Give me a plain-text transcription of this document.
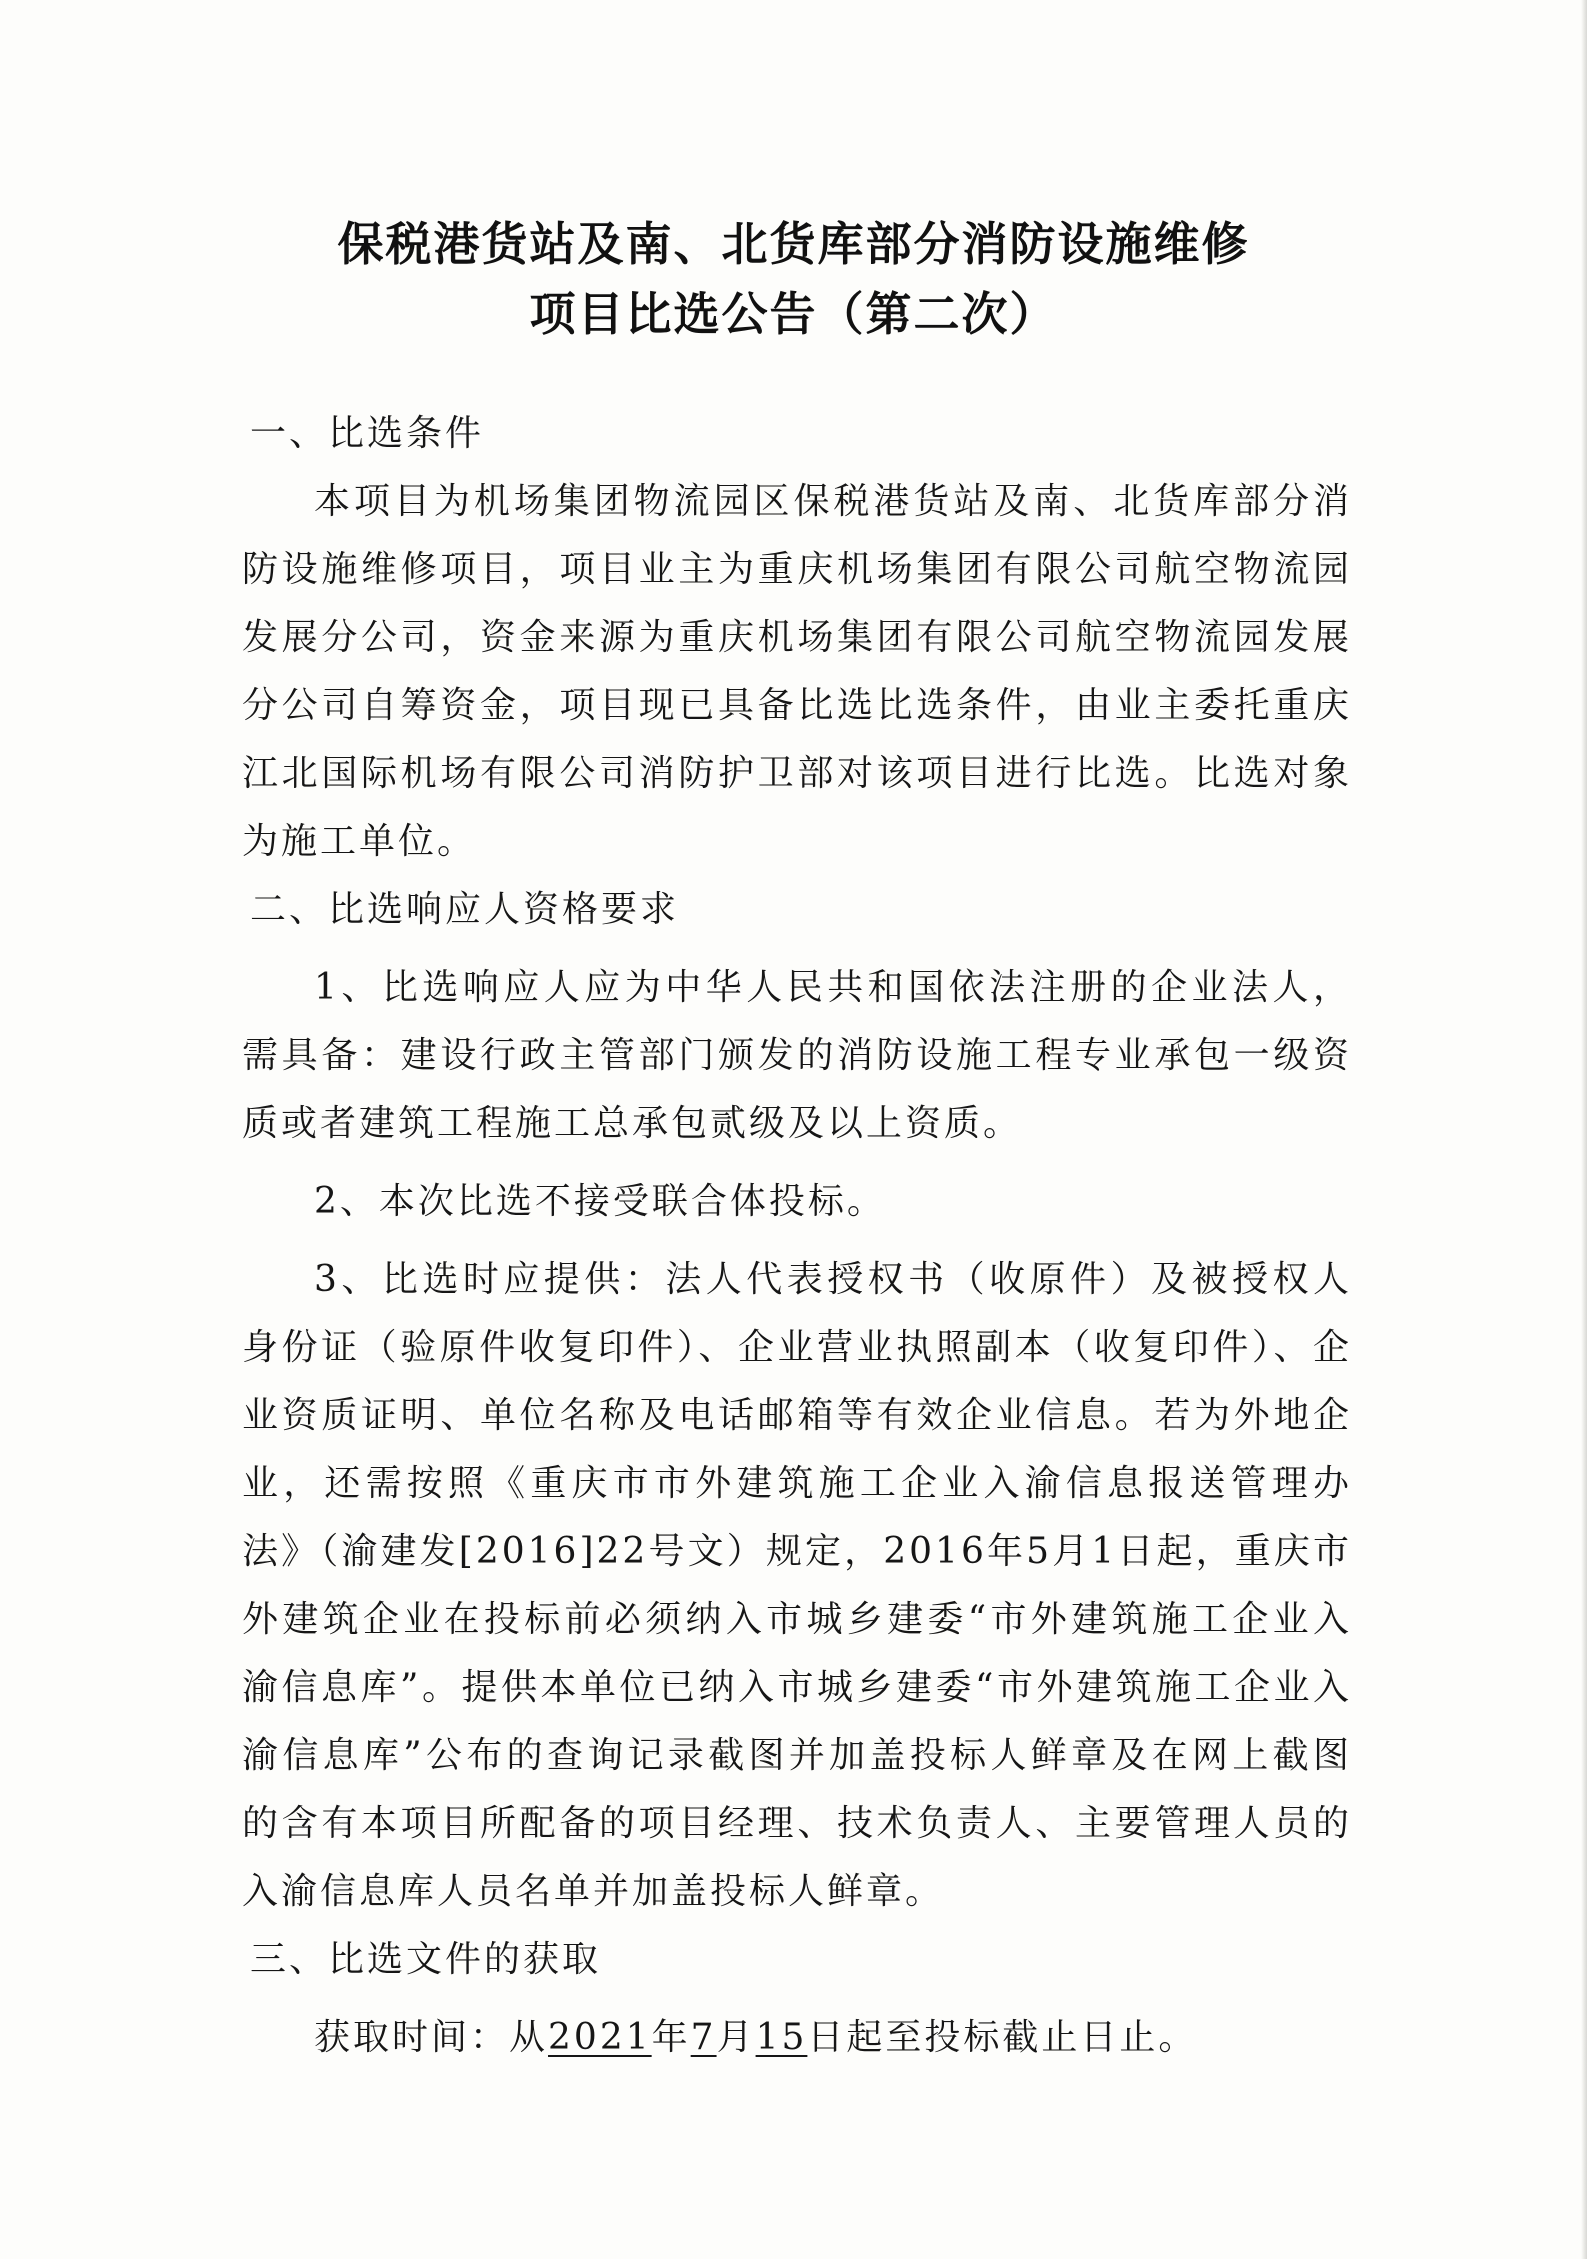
保税港货站及南、北货库部分消防设施维修
项目比选公告（第二次）

一、比选条件

本项目为机场集团物流园区保税港货站及南、北货库部分消防设施维修项目，项目业主为重庆机场集团有限公司航空物流园发展分公司，资金来源为重庆机场集团有限公司航空物流园发展分公司自筹资金，项目现已具备比选比选条件，由业主委托重庆江北国际机场有限公司消防护卫部对该项目进行比选。比选对象为施工单位。

二、比选响应人资格要求

1、比选响应人应为中华人民共和国依法注册的企业法人，需具备：建设行政主管部门颁发的消防设施工程专业承包一级资质或者建筑工程施工总承包贰级及以上资质。

2、本次比选不接受联合体投标。

3、比选时应提供：法人代表授权书（收原件）及被授权人身份证（验原件收复印件）、企业营业执照副本（收复印件）、企业资质证明、单位名称及电话邮箱等有效企业信息。若为外地企业，还需按照《重庆市市外建筑施工企业入渝信息报送管理办法》（渝建发[2016]22号文）规定，2016年5月1日起，重庆市外建筑企业在投标前必须纳入市城乡建委“市外建筑施工企业入渝信息库”。提供本单位已纳入市城乡建委“市外建筑施工企业入渝信息库”公布的查询记录截图并加盖投标人鲜章及在网上截图的含有本项目所配备的项目经理、技术负责人、主要管理人员的入渝信息库人员名单并加盖投标人鲜章。

三、比选文件的获取

获取时间：从2021年7月15日起至投标截止日止。
